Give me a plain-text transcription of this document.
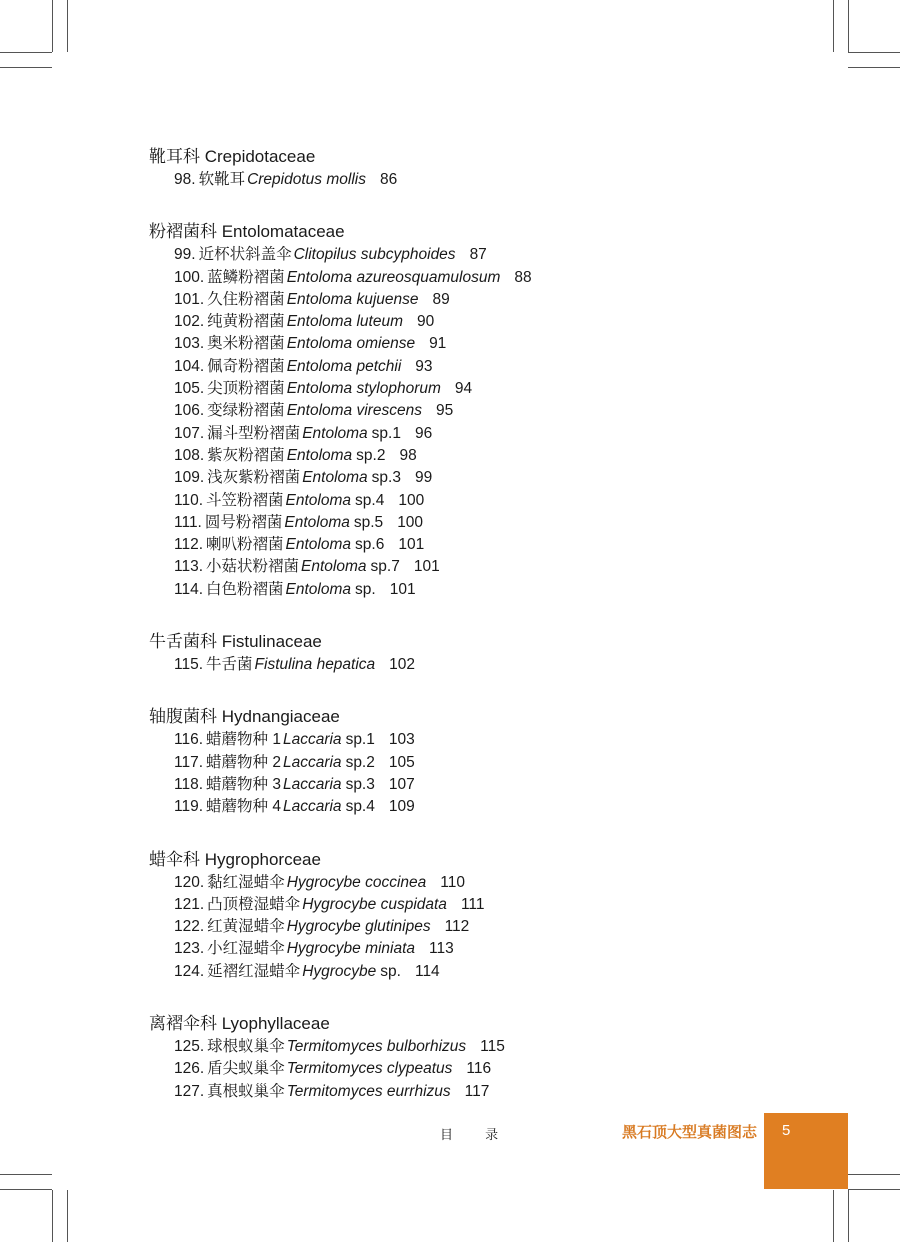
靴耳科 Crepidotaceae
98. 软靴耳 Crepidotus mollis 86
粉褶菌科 Entolomataceae
99. 近杯状斜盖伞 Clitopilus subcyphoides 87
100. 蓝鳞粉褶菌 Entoloma azureosquamulosum 88
101. 久住粉褶菌 Entoloma kujuense 89
102. 纯黄粉褶菌 Entoloma luteum 90
103. 奥米粉褶菌 Entoloma omiense 91
104. 佩奇粉褶菌 Entoloma petchii 93
105. 尖顶粉褶菌 Entoloma stylophorum 94
106. 变绿粉褶菌 Entoloma virescens 95
107. 漏斗型粉褶菌 Entoloma sp.1 96
108. 紫灰粉褶菌 Entoloma sp.2 98
109. 浅灰紫粉褶菌 Entoloma sp.3 99
110. 斗笠粉褶菌 Entoloma sp.4 100
111. 圆号粉褶菌 Entoloma sp.5 100
112. 喇叭粉褶菌 Entoloma sp.6 101
113. 小菇状粉褶菌 Entoloma sp.7 101
114. 白色粉褶菌 Entoloma sp. 101
牛舌菌科 Fistulinaceae
115. 牛舌菌 Fistulina hepatica 102
轴腹菌科 Hydnangiaceae
116. 蜡蘑物种 1 Laccaria sp.1 103
117. 蜡蘑物种 2 Laccaria sp.2 105
118. 蜡蘑物种 3 Laccaria sp.3 107
119. 蜡蘑物种 4 Laccaria sp.4 109
蜡伞科 Hygrophorceae
120. 黏红湿蜡伞 Hygrocybe coccinea 110
121. 凸顶橙湿蜡伞 Hygrocybe cuspidata 111
122. 红黄湿蜡伞 Hygrocybe glutinipes 112
123. 小红湿蜡伞 Hygrocybe miniata 113
124. 延褶红湿蜡伞 Hygrocybe sp. 114
离褶伞科 Lyophyllaceae
125. 球根蚁巢伞 Termitomyces bulborhizus 115
126. 盾尖蚁巢伞 Termitomyces clypeatus 116
127. 真根蚁巢伞 Termitomyces eurrhizus 117
目 录	黑石顶大型真菌图志 5
